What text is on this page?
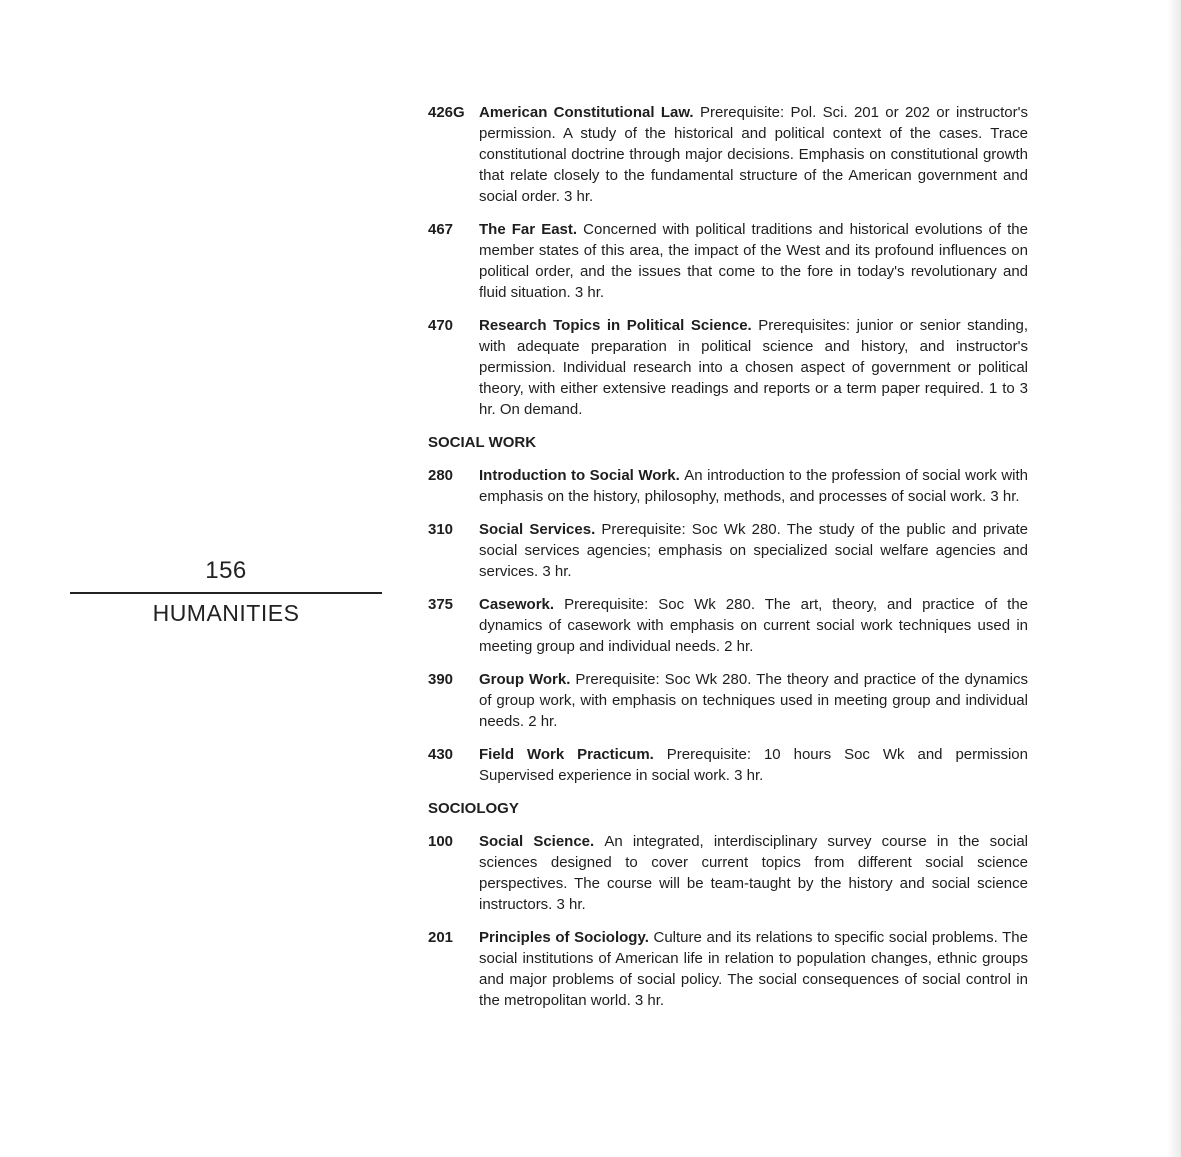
156
HUMANITIES
426G American Constitutional Law. Prerequisite: Pol. Sci. 201 or 202 or instructor's permission. A study of the historical and political context of the cases. Trace constitutional doctrine through major decisions. Emphasis on constitutional growth that relate closely to the fundamental structure of the American government and social order. 3 hr.
467 The Far East. Concerned with political traditions and historical evolutions of the member states of this area, the impact of the West and its profound influences on political order, and the issues that come to the fore in today's revolutionary and fluid situation. 3 hr.
470 Research Topics in Political Science. Prerequisites: junior or senior standing, with adequate preparation in political science and history, and instructor's permission. Individual research into a chosen aspect of government or political theory, with either extensive readings and reports or a term paper required. 1 to 3 hr. On demand.
SOCIAL WORK
280 Introduction to Social Work. An introduction to the profession of social work with emphasis on the history, philosophy, methods, and processes of social work. 3 hr.
310 Social Services. Prerequisite: Soc Wk 280. The study of the public and private social services agencies; emphasis on specialized social welfare agencies and services. 3 hr.
375 Casework. Prerequisite: Soc Wk 280. The art, theory, and practice of the dynamics of casework with emphasis on current social work techniques used in meeting group and individual needs. 2 hr.
390 Group Work. Prerequisite: Soc Wk 280. The theory and practice of the dynamics of group work, with emphasis on techniques used in meeting group and individual needs. 2 hr.
430 Field Work Practicum. Prerequisite: 10 hours Soc Wk and permission Supervised experience in social work. 3 hr.
SOCIOLOGY
100 Social Science. An integrated, interdisciplinary survey course in the social sciences designed to cover current topics from different social science perspectives. The course will be team-taught by the history and social science instructors. 3 hr.
201 Principles of Sociology. Culture and its relations to specific social problems. The social institutions of American life in relation to population changes, ethnic groups and major problems of social policy. The social consequences of social control in the metropolitan world. 3 hr.
